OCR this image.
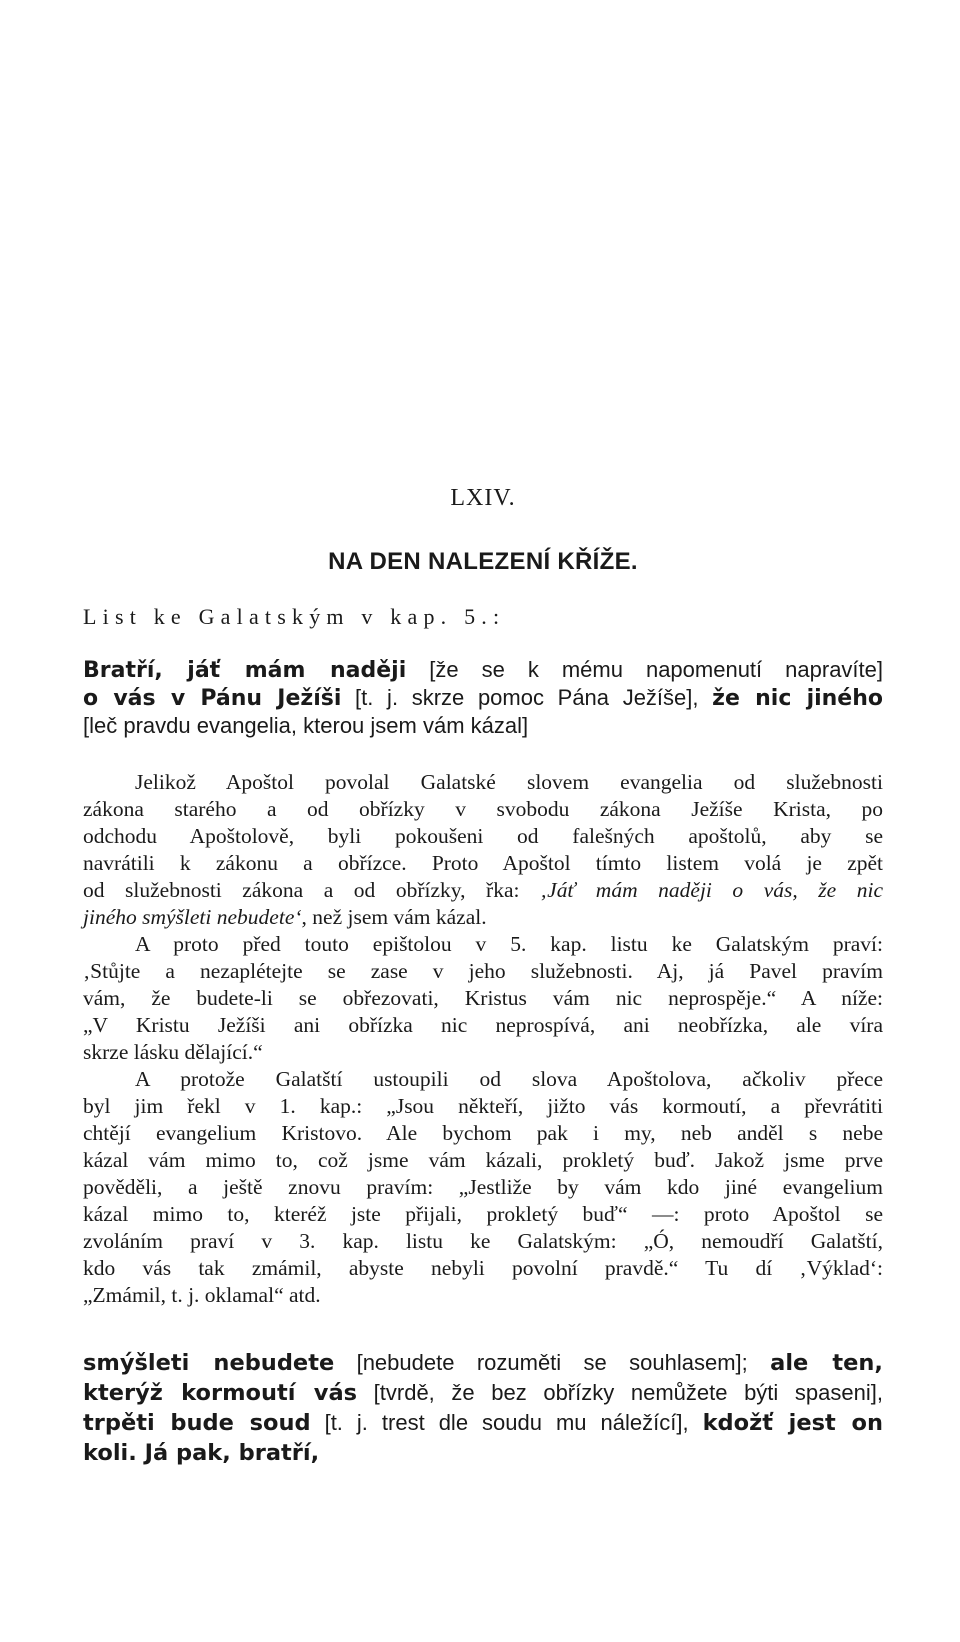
LXIV.
NA DEN NALEZENÍ KŘÍŽE.
List ke Galatským v kap. 5.:
Bratří, jáť mám naději [že se k mému napomenutí napravíte]
o vás v Pánu Ježíši [t. j. skrze pomoc Pána Ježíše], že nic jiného
[leč pravdu evangelia, kterou jsem vám kázal]
Jelikož Apoštol povolal Galatské slovem evangelia od služebnosti
zákona starého a od obřízky v svobodu zákona Ježíše Krista, po
odchodu Apoštolově, byli pokoušeni od falešných apoštolů, aby se
navrátili k zákonu a obřízce. Proto Apoštol tímto listem volá je zpět
od služebnosti zákona a od obřízky, řka: ‚Jáť mám naději o vás, že nic
jiného smýšleti nebudete‘, než jsem vám kázal.
A proto před touto epištolou v 5. kap. listu ke Galatským praví:
‚Stůjte a nezaplétejte se zase v jeho služebnosti. Aj, já Pavel pravím
vám, že budete-li se obřezovati, Kristus vám nic neprospěje.“ A níže:
„V Kristu Ježíši ani obřízka nic neprospívá, ani neobřízka, ale víra
skrze lásku dělající.“
A protože Galatští ustoupili od slova Apoštolova, ačkoliv přece
byl jim řekl v 1. kap.: „Jsou někteří, jižto vás kormoutí, a převrátiti
chtějí evangelium Kristovo. Ale bychom pak i my, neb anděl s nebe
kázal vám mimo to, což jsme vám kázali, prokletý buď. Jakož jsme prve
pověděli, a ještě znovu pravím: „Jestliže by vám kdo jiné evangelium
kázal mimo to, kteréž jste přijali, prokletý buď“ —: proto Apoštol se
zvoláním praví v 3. kap. listu ke Galatským: „Ó, nemoudří Galatští,
kdo vás tak zmámil, abyste nebyli povolní pravdě.“ Tu dí ‚Výklad‘:
„Zmámil, t. j. oklamal“ atd.
smýšleti nebudete [nebudete rozuměti se souhlasem]; ale ten,
kterýž kormoutí vás [tvrdě, že bez obřízky nemůžete býti spaseni],
trpěti bude soud [t. j. trest dle soudu mu náležící], kdožť jest on
koli. Já pak, bratří,
